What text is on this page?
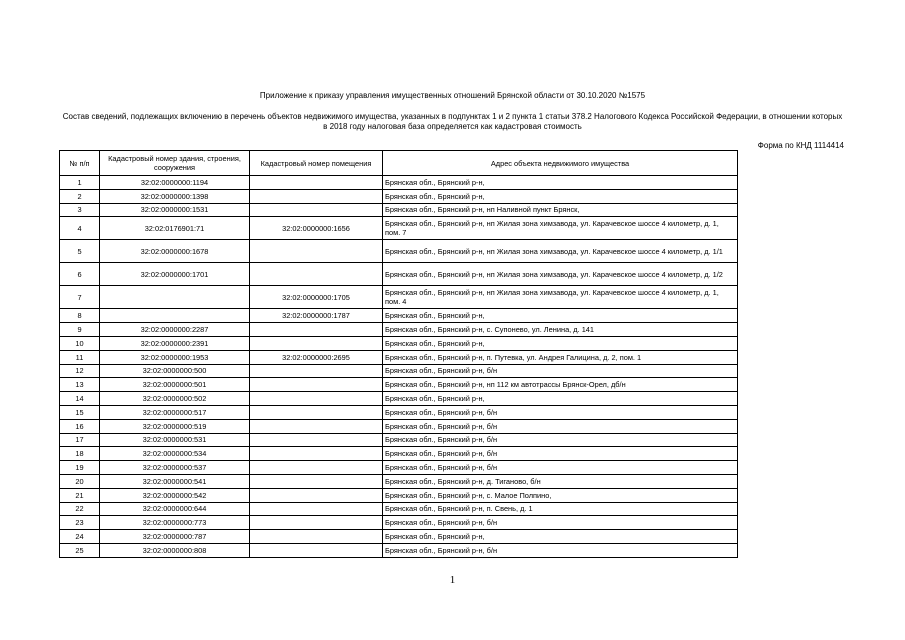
Приложение к приказу управления имущественных отношений Брянской области от 30.10.2020 №1575
Состав сведений, подлежащих включению в перечень объектов недвижимого имущества, указанных в подпунктах 1 и 2 пункта 1 статьи 378.2 Налогового Кодекса Российской Федерации, в отношении которых в 2018 году налоговая база определяется как кадастровая стоимость
Форма по КНД 1114414
№ п/п	Кадастровый номер здания, строения, сооружения	Кадастровый номер помещения	Адрес объекта недвижимого имущества
1	32:02:0000000:1194		Брянская обл., Брянский р-н,
2	32:02:0000000:1398		Брянская обл., Брянский р-н,
3	32:02:0000000:1531		Брянская обл., Брянский р-н, нп Наливной пункт Брянск,
4	32:02:0176901:71	32:02:0000000:1656	Брянская обл., Брянский р-н, нп Жилая зона химзавода, ул. Карачевское шоссе 4 километр, д. 1, пом. 7
5	32:02:0000000:1678		Брянская обл., Брянский р-н, нп Жилая зона химзавода, ул. Карачевское шоссе 4 километр, д. 1/1
6	32:02:0000000:1701		Брянская обл., Брянский р-н, нп Жилая зона химзавода, ул. Карачевское шоссе 4 километр, д. 1/2
7		32:02:0000000:1705	Брянская обл., Брянский р-н, нп Жилая зона химзавода, ул. Карачевское шоссе 4 километр, д. 1, пом. 4
8		32:02:0000000:1787	Брянская обл., Брянский р-н,
9	32:02:0000000:2287		Брянская обл., Брянский р-н, с. Супонево, ул. Ленина, д. 141
10	32:02:0000000:2391		Брянская обл., Брянский р-н,
11	32:02:0000000:1953	32:02:0000000:2695	Брянская обл., Брянский р-н, п. Путевка, ул. Андрея Галицина, д. 2, пом. 1
12	32:02:0000000:500		Брянская обл., Брянский р-н, б/н
13	32:02:0000000:501		Брянская обл., Брянский р-н, нп 112 км автотрассы Брянск-Орел, дб/н
14	32:02:0000000:502		Брянская обл., Брянский р-н,
15	32:02:0000000:517		Брянская обл., Брянский р-н, б/н
16	32:02:0000000:519		Брянская обл., Брянский р-н, б/н
17	32:02:0000000:531		Брянская обл., Брянский р-н, б/н
18	32:02:0000000:534		Брянская обл., Брянский р-н, б/н
19	32:02:0000000:537		Брянская обл., Брянский р-н, б/н
20	32:02:0000000:541		Брянская обл., Брянский р-н, д. Тиганово, б/н
21	32:02:0000000:542		Брянская обл., Брянский р-н, с. Малое Полпино,
22	32:02:0000000:644		Брянская обл., Брянский р-н, п. Свень, д. 1
23	32:02:0000000:773		Брянская обл., Брянский р-н, б/н
24	32:02:0000000:787		Брянская обл., Брянский р-н,
25	32:02:0000000:808		Брянская обл., Брянский р-н, б/н
1
